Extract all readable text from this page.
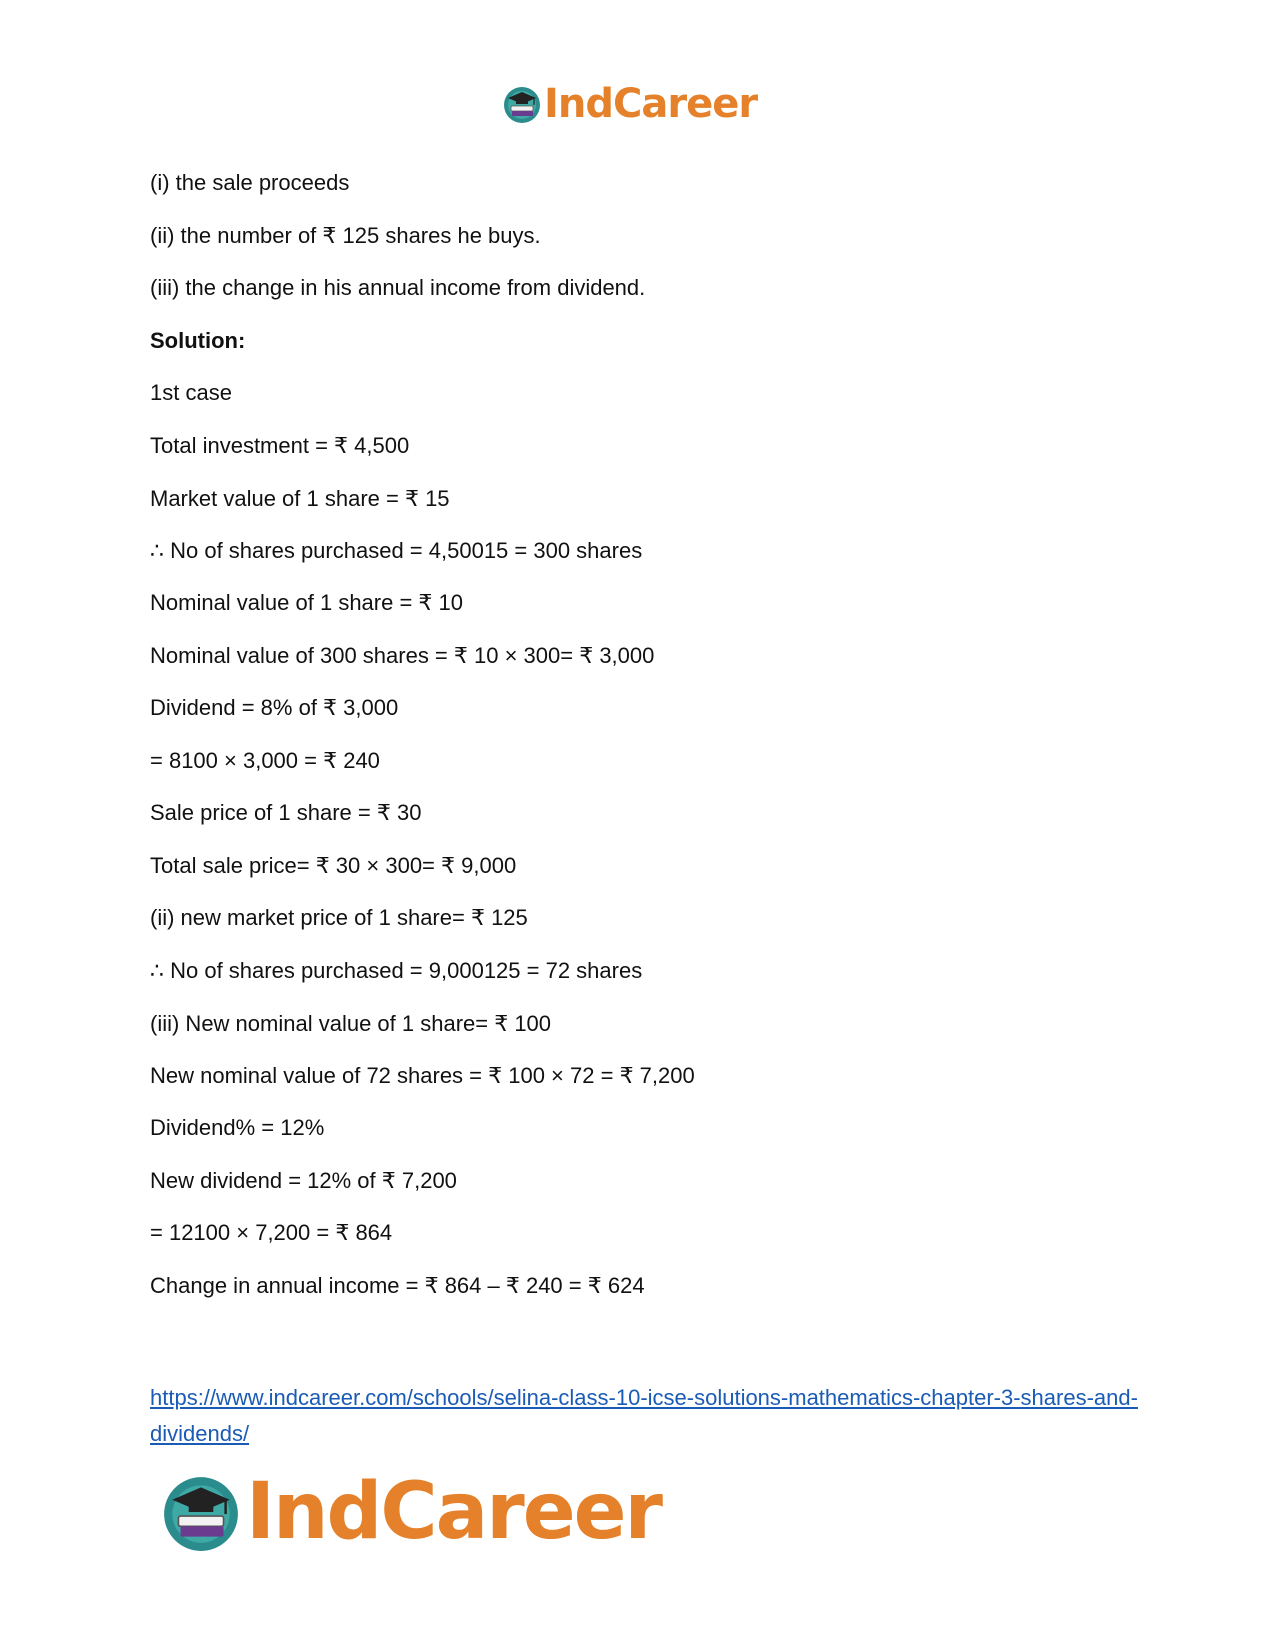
IndCareer
(i) the sale proceeds
(ii) the number of ₹ 125 shares he buys.
(iii) the change in his annual income from dividend.
Solution:
1st case
Total investment = ₹ 4,500
Market value of 1 share = ₹ 15
∴ No of shares purchased = 4,50015 = 300 shares
Nominal value of 1 share = ₹ 10
Nominal value of 300 shares = ₹ 10 × 300= ₹ 3,000
Dividend = 8% of ₹ 3,000
= 8100 × 3,000 = ₹ 240
Sale price of 1 share = ₹ 30
Total sale price= ₹ 30 × 300= ₹ 9,000
(ii) new market price of 1 share= ₹ 125
∴ No of shares purchased = 9,000125 = 72 shares
(iii) New nominal value of 1 share= ₹ 100
New nominal value of 72 shares = ₹ 100 × 72 = ₹ 7,200
Dividend% = 12%
New dividend = 12% of ₹ 7,200
= 12100 × 7,200 = ₹ 864
Change in annual income = ₹ 864 – ₹ 240 = ₹ 624
https://www.indcareer.com/schools/selina-class-10-icse-solutions-mathematics-chapter-3-shares-and-dividends/
IndCareer
